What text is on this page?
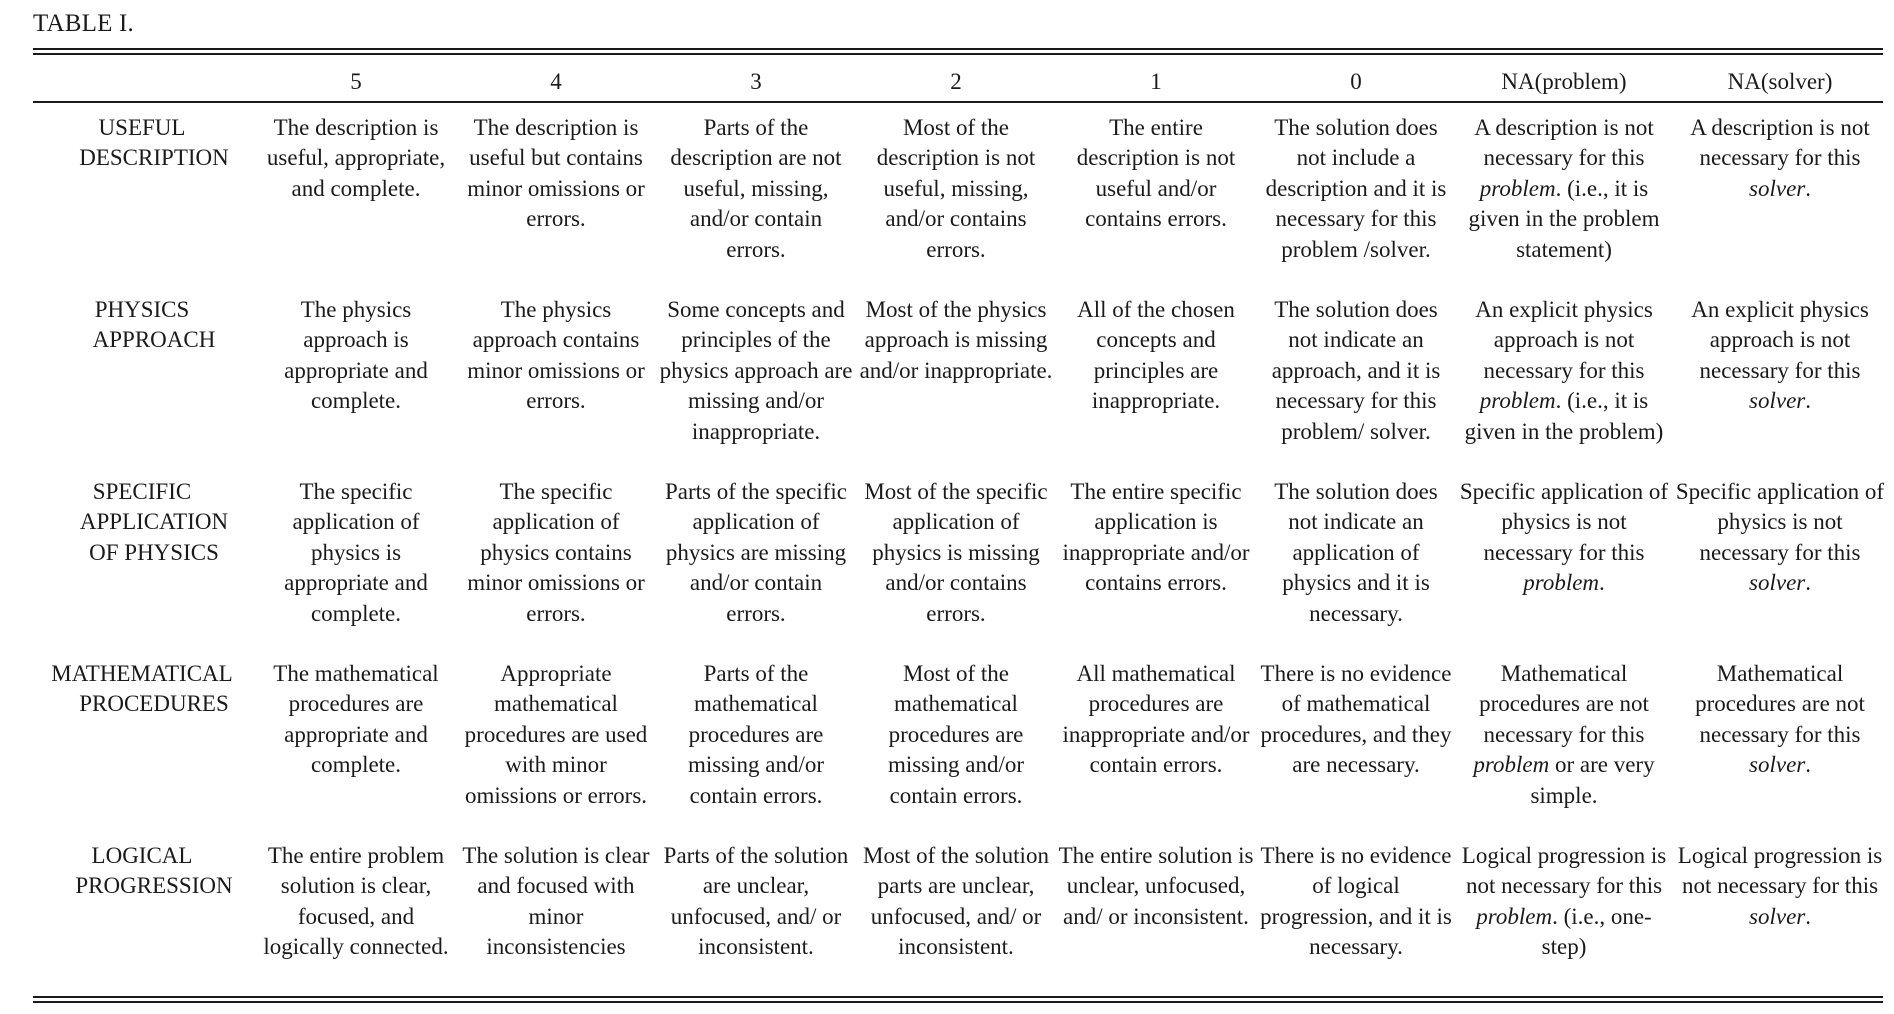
TABLE I.
	5	4	3	2	1	0	NA(problem)	NA(solver)

USEFUL
DESCRIPTION	The description is useful, appropriate, and complete.	The description is useful but contains minor omissions or errors.	Parts of the description are not useful, missing, and/or contain errors.	Most of the description is not useful, missing, and/or contains errors.	The entire description is not useful and/or contains errors.	The solution does not include a description and it is necessary for this problem /solver.	A description is not necessary for this problem. (i.e., it is given in the problem statement)	A description is not necessary for this solver.

PHYSICS
APPROACH	The physics approach is appropriate and complete.	The physics approach contains minor omissions or errors.	Some concepts and principles of the physics approach are missing and/or inappropriate.	Most of the physics approach is missing and/or inappropriate.	All of the chosen concepts and principles are inappropriate.	The solution does not indicate an approach, and it is necessary for this problem/ solver.	An explicit physics approach is not necessary for this problem. (i.e., it is given in the problem)	An explicit physics approach is not necessary for this solver.

SPECIFIC
APPLICATION
OF PHYSICS	The specific application of physics is appropriate and complete.	The specific application of physics contains minor omissions or errors.	Parts of the specific application of physics are missing and/or contain errors.	Most of the specific application of physics is missing and/or contains errors.	The entire specific application is inappropriate and/or contains errors.	The solution does not indicate an application of physics and it is necessary.	Specific application of physics is not necessary for this problem.	Specific application of physics is not necessary for this solver.

MATHEMATICAL
PROCEDURES	The mathematical procedures are appropriate and complete.	Appropriate mathematical procedures are used with minor omissions or errors.	Parts of the mathematical procedures are missing and/or contain errors.	Most of the mathematical procedures are missing and/or contain errors.	All mathematical procedures are inappropriate and/or contain errors.	There is no evidence of mathematical procedures, and they are necessary.	Mathematical procedures are not necessary for this problem or are very simple.	Mathematical procedures are not necessary for this solver.

LOGICAL
PROGRESSION	The entire problem solution is clear, focused, and logically connected.	The solution is clear and focused with minor inconsistencies	Parts of the solution are unclear, unfocused, and/ or inconsistent.	Most of the solution parts are unclear, unfocused, and/ or inconsistent.	The entire solution is unclear, unfocused, and/ or inconsistent.	There is no evidence of logical progression, and it is necessary.	Logical progression is not necessary for this problem. (i.e., one-step)	Logical progression is not necessary for this solver.
